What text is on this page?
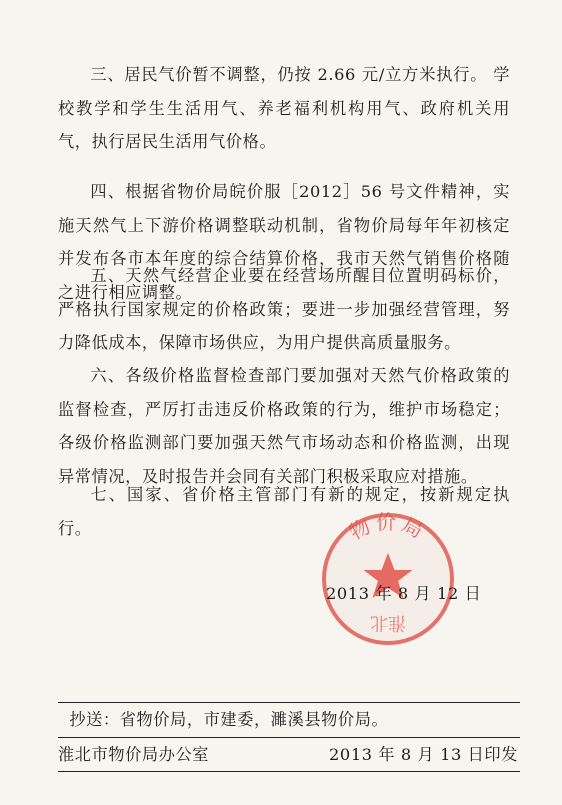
三、居民气价暂不调整，仍按 2.66 元/立方米执行。 学校教学和学生生活用气、养老福利机构用气、政府机关用气，执行居民生活用气价格。

四、根据省物价局皖价服［2012］56 号文件精神，实施天然气上下游价格调整联动机制，省物价局每年年初核定并发布各市本年度的综合结算价格，我市天然气销售价格随之进行相应调整。

五、天然气经营企业要在经营场所醒目位置明码标价，严格执行国家规定的价格政策；要进一步加强经营管理，努力降低成本，保障市场供应，为用户提供高质量服务。

六、各级价格监督检查部门要加强对天然气价格政策的监督检查，严厉打击违反价格政策的行为，维护市场稳定；各级价格监测部门要加强天然气市场动态和价格监测，出现异常情况，及时报告并会同有关部门积极采取应对措施。

七、国家、省价格主管部门有新的规定，按新规定执行。	物价局
淮北

2013 年 8 月 12 日

抄送：省物价局，市建委，濉溪县物价局。

淮北市物价局办公室	2013 年 8 月 13 日印发
